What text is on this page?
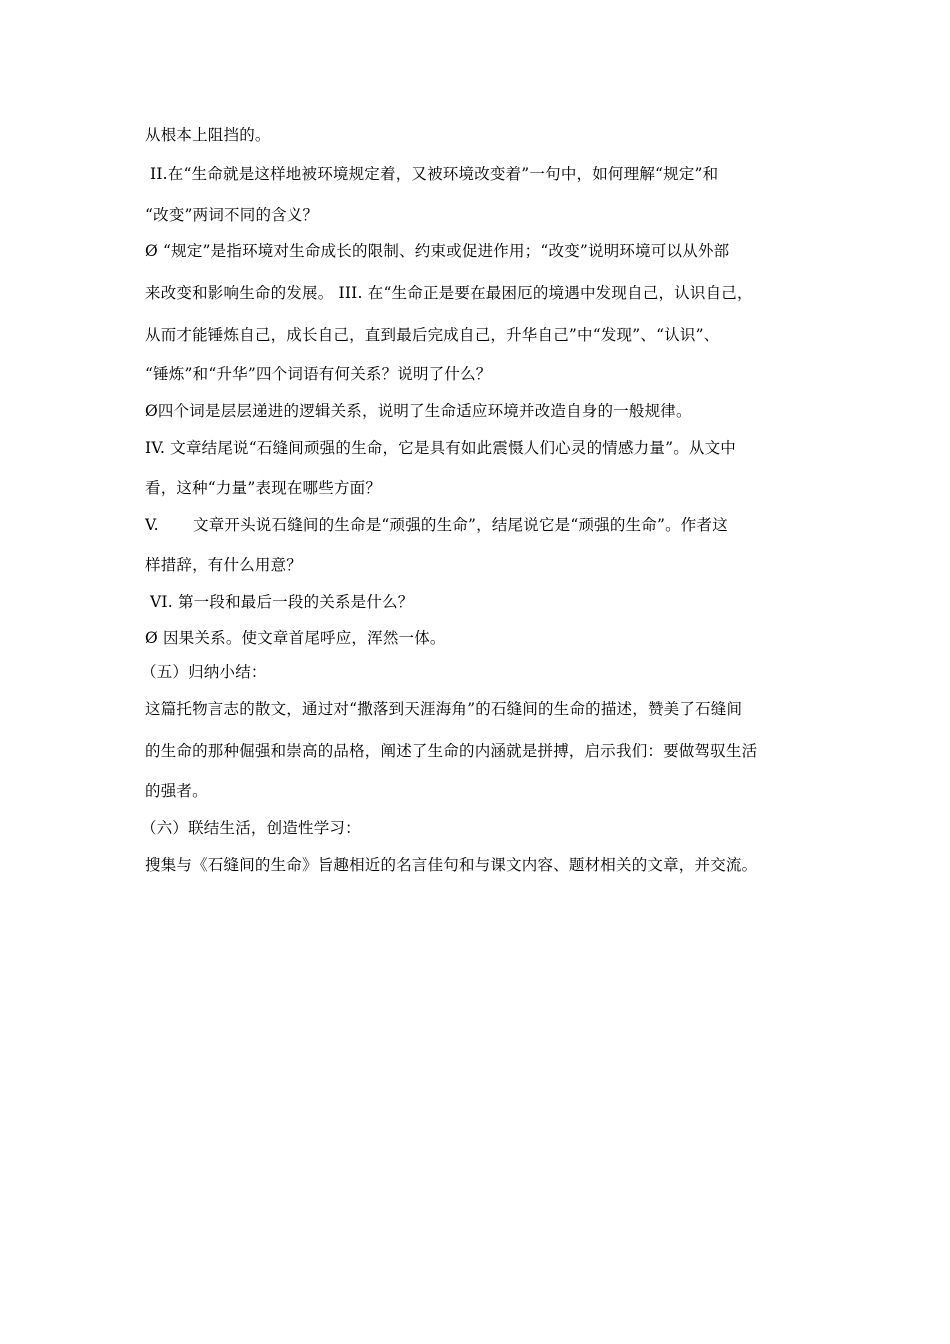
从根本上阻挡的。
II.在“生命就是这样地被环境规定着，又被环境改变着”一句中，如何理解“规定”和
“改变”两词不同的含义？
Ø “规定”是指环境对生命成长的限制、约束或促进作用；“改变”说明环境可以从外部
来改变和影响生命的发展。 III. 在“生命正是要在最困厄的境遇中发现自己，认识自己，
从而才能锤炼自己，成长自己，直到最后完成自己，升华自己”中“发现”、“认识”、
“锤炼”和“升华”四个词语有何关系？说明了什么？
Ø四个词是层层递进的逻辑关系，说明了生命适应环境并改造自身的一般规律。
IV. 文章结尾说“石缝间顽强的生命，它是具有如此震慑人们心灵的情感力量”。从文中
看，这种“力量”表现在哪些方面？
V. 文章开头说石缝间的生命是“顽强的生命”，结尾说它是“顽强的生命”。作者这
样措辞，有什么用意？
VI. 第一段和最后一段的关系是什么？
Ø 因果关系。使文章首尾呼应，浑然一体。
（五）归纳小结：
这篇托物言志的散文，通过对“撒落到天涯海角”的石缝间的生命的描述，赞美了石缝间
的生命的那种倔强和崇高的品格，阐述了生命的内涵就是拼搏，启示我们：要做驾驭生活
的强者。
（六）联结生活，创造性学习：
搜集与《石缝间的生命》旨趣相近的名言佳句和与课文内容、题材相关的文章，并交流。
